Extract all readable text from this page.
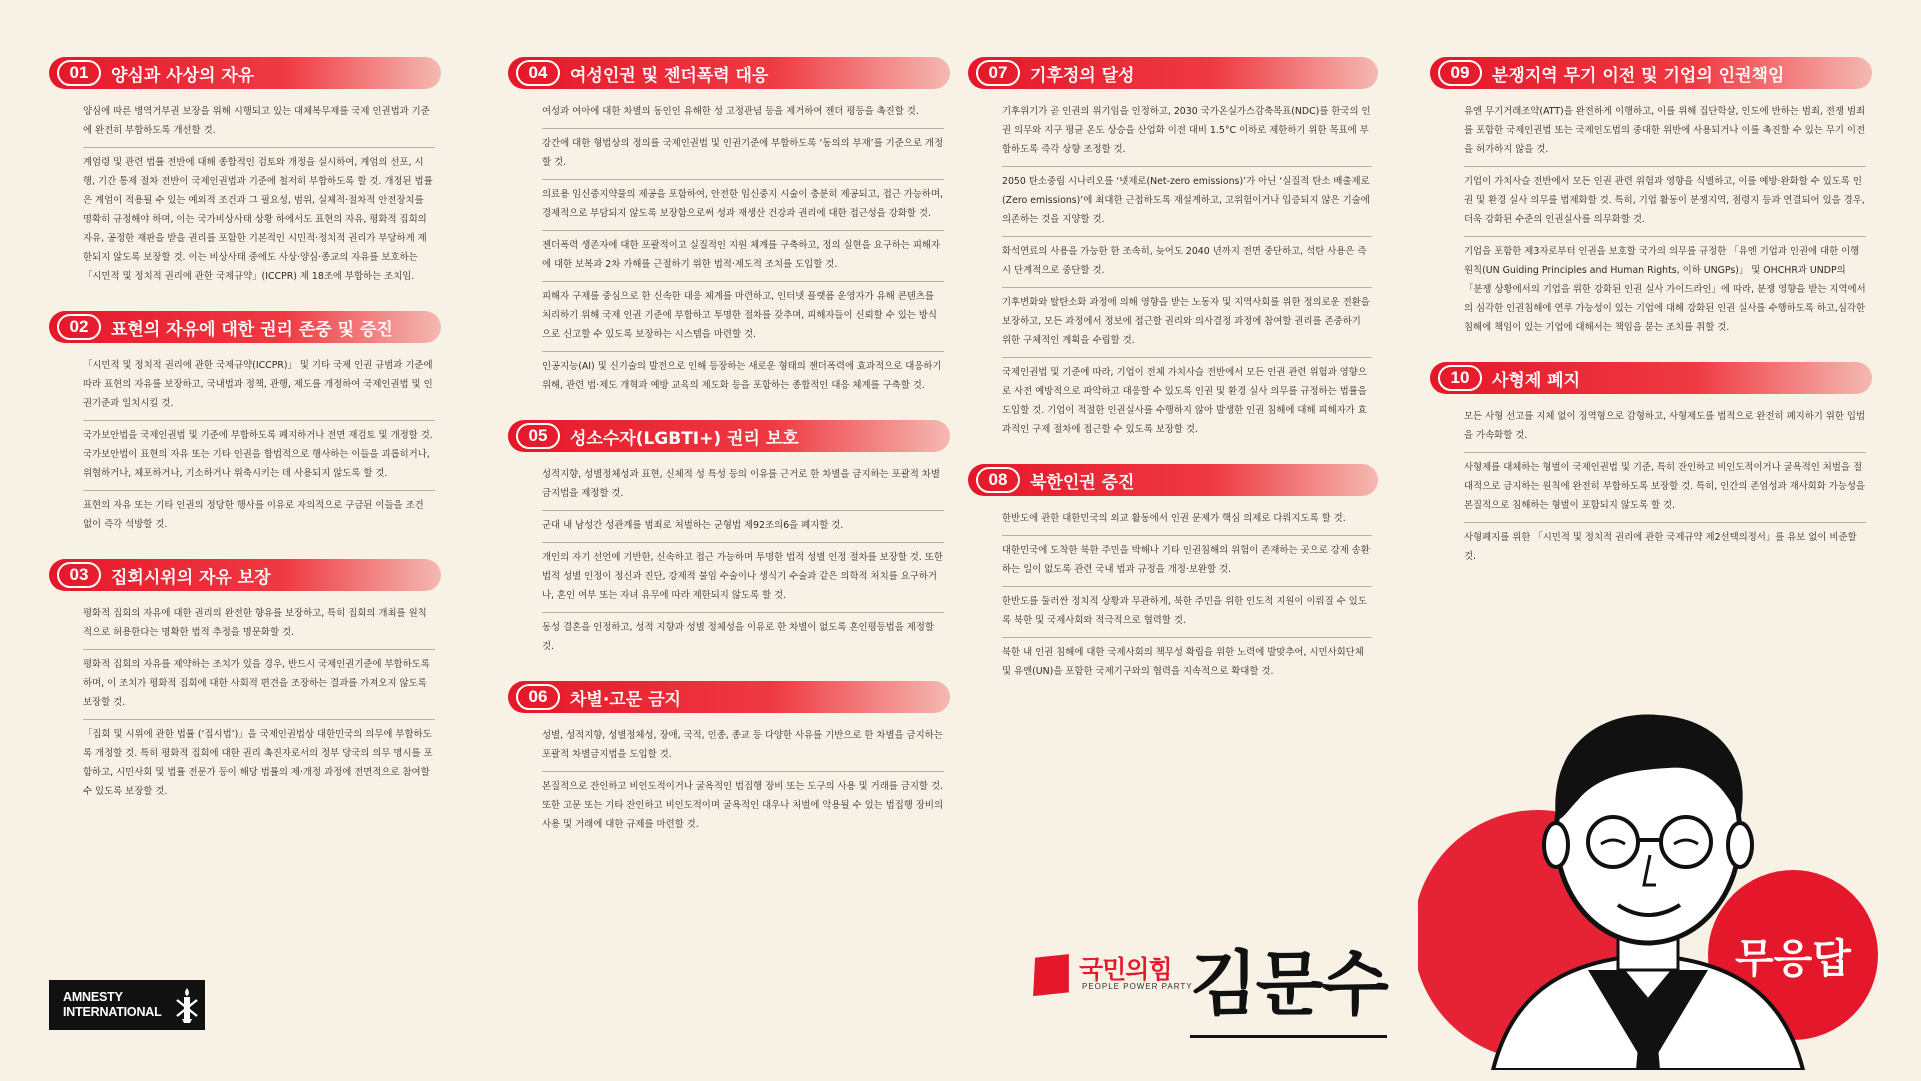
01	양심과 사상의 자유
양심에 따른 병역거부권 보장을 위해 시행되고 있는 대체복무제를 국제 인권법과 기준에 완전히 부합하도록 개선할 것.
계엄령 및 관련 법률 전반에 대해 종합적인 검토와 개정을 실시하여, 계엄의 선포, 시행, 기간 통제 절차 전반이 국제인권법과 기준에 철저히 부합하도록 할 것. 개정된 법률은 계엄이 적용될 수 있는 예외적 조건과 그 필요성, 범위, 실체적·절차적 안전장치를 명확히 규정해야 하며, 이는 국가비상사태 상황 하에서도 표현의 자유, 평화적 집회의 자유, 공정한 재판을 받을 권리를 포함한 기본적인 시민적·정치적 권리가 부당하게 제한되지 않도록 보장할 것. 이는 비상사태 중에도 사상·양심·종교의 자유를 보호하는 「시민적 및 정치적 권리에 관한 국제규약」(ICCPR) 제 18조에 부합하는 조치임.
02	표현의 자유에 대한 권리 존중 및 증진
「시민적 및 정치적 권리에 관한 국제규약(ICCPR)」 및 기타 국제 인권 규범과 기준에 따라 표현의 자유를 보장하고, 국내법과 정책, 관행, 제도를 개정하여 국제인권법 및 인권기준과 일치시킬 것.
국가보안법을 국제인권법 및 기준에 부합하도록 폐지하거나 전면 재검토 및 개정할 것. 국가보안법이 표현의 자유 또는 기타 인권을 합법적으로 행사하는 이들을 괴롭히거나, 위협하거나, 체포하거나, 기소하거나 위축시키는 데 사용되지 않도록 할 것.
표현의 자유 또는 기타 인권의 정당한 행사를 이유로 자의적으로 구금된 이들을 조건 없이 즉각 석방할 것.
03	집회시위의 자유 보장
평화적 집회의 자유에 대한 권리의 완전한 향유를 보장하고, 특히 집회의 개최를 원칙적으로 허용한다는 명확한 법적 추정을 명문화할 것.
평화적 집회의 자유를 제약하는 조치가 있을 경우, 반드시 국제인권기준에 부합하도록 하며, 이 조치가 평화적 집회에 대한 사회적 편견을 조장하는 결과를 가져오지 않도록 보장할 것.
「집회 및 시위에 관한 법률 (‘집시법’)」을 국제인권법상 대한민국의 의무에 부합하도록 개정할 것. 특히 평화적 집회에 대한 권리 촉진자로서의 정부 당국의 의무 명시를 포함하고, 시민사회 및 법률 전문가 등이 해당 법률의 제·개정 과정에 전면적으로 참여할 수 있도록 보장할 것.
04	여성인권 및 젠더폭력 대응
여성과 여아에 대한 차별의 동인인 유해한 성 고정관념 등을 제거하여 젠더 평등을 촉진할 것.
강간에 대한 형법상의 정의를 국제인권법 및 인권기준에 부합하도록 ‘동의의 부재’를 기준으로 개정할 것.
의료용 임신중지약물의 제공을 포함하여, 안전한 임신중지 시술이 충분히 제공되고, 접근 가능하며, 경제적으로 부담되지 않도록 보장함으로써 성과 재생산 건강과 권리에 대한 접근성을 강화할 것.
젠더폭력 생존자에 대한 포괄적이고 실질적인 지원 체계를 구축하고, 정의 실현을 요구하는 피해자에 대한 보복과 2차 가해를 근절하기 위한 법적·제도적 조치를 도입할 것.
피해자 구제를 중심으로 한 신속한 대응 체계를 마련하고, 인터넷 플랫폼 운영자가 유해 콘텐츠를 처리하기 위해 국제 인권 기준에 부합하고 투명한 절차를 갖추며, 피해자들이 신뢰할 수 있는 방식으로 신고할 수 있도록 보장하는 시스템을 마련할 것.
인공지능(AI) 및 신기술의 발전으로 인해 등장하는 새로운 형태의 젠더폭력에 효과적으로 대응하기 위해, 관련 법·제도 개혁과 예방 교육의 제도화 등을 포함하는 종합적인 대응 체계를 구축할 것.
05	성소수자(LGBTI+) 권리 보호
성적지향, 성별정체성과 표현, 신체적 성 특성 등의 이유를 근거로 한 차별을 금지하는 포괄적 차별금지법을 제정할 것.
군대 내 남성간 성관계를 범죄로 처벌하는 군형법 제92조의6을 폐지할 것.
개인의 자기 선언에 기반한, 신속하고 접근 가능하며 투명한 법적 성별 인정 절차를 보장할 것. 또한 법적 성별 인정이 정신과 진단, 강제적 불임 수술이나 생식기 수술과 같은 의학적 처치를 요구하거나, 혼인 여부 또는 자녀 유무에 따라 제한되지 않도록 할 것.
동성 결혼을 인정하고, 성적 지향과 성별 정체성을 이유로 한 차별이 없도록 혼인평등법을 제정할 것.
06	차별·고문 금지
성별, 성적지향, 성별정체성, 장애, 국적, 인종, 종교 등 다양한 사유를 기반으로 한 차별을 금지하는 포괄적 차별금지법을 도입할 것.
본질적으로 잔인하고 비인도적이거나 굴욕적인 법집행 장비 또는 도구의 사용 및 거래를 금지할 것. 또한 고문 또는 기타 잔인하고 비인도적이며 굴욕적인 대우나 처벌에 악용될 수 있는 법집행 장비의 사용 및 거래에 대한 규제를 마련할 것.
07	기후정의 달성
기후위기가 곧 인권의 위기임을 인정하고, 2030 국가온실가스감축목표(NDC)를 한국의 인권 의무와 지구 평균 온도 상승을 산업화 이전 대비 1.5°C 이하로 제한하기 위한 목표에 부합하도록 즉각 상향 조정할 것.
2050 탄소중립 시나리오를 ‘넷제로(Net-zero emissions)’가 아닌 ‘실질적 탄소 배출제로(Zero emissions)’에 최대한 근접하도록 재설계하고, 고위험이거나 입증되지 않은 기술에 의존하는 것을 지양할 것.
화석연료의 사용을 가능한 한 조속히, 늦어도 2040 년까지 전면 중단하고, 석탄 사용은 즉시 단계적으로 중단할 것.
기후변화와 탈탄소화 과정에 의해 영향을 받는 노동자 및 지역사회를 위한 정의로운 전환을 보장하고, 모든 과정에서 정보에 접근할 권리와 의사결정 과정에 참여할 권리를 존중하기 위한 구체적인 계획을 수립할 것.
국제인권법 및 기준에 따라, 기업이 전체 가치사슬 전반에서 모든 인권 관련 위험과 영향으로 사전 예방적으로 파악하고 대응할 수 있도록 인권 및 환경 실사 의무를 규정하는 법률을 도입할 것. 기업이 적절한 인권실사를 수행하지 않아 발생한 인권 침해에 대해 피해자가 효과적인 구제 절차에 접근할 수 있도록 보장할 것.
08	북한인권 증진
한반도에 관한 대한민국의 외교 활동에서 인권 문제가 핵심 의제로 다뤄지도록 할 것.
대한민국에 도착한 북한 주민을 박해나 기타 인권침해의 위험이 존재하는 곳으로 강제 송환하는 일이 없도록 관련 국내 법과 규정을 개정·보완할 것.
한반도를 둘러싼 정치적 상황과 무관하게, 북한 주민을 위한 인도적 지원이 이뤄질 수 있도록 북한 및 국제사회와 적극적으로 협력할 것.
북한 내 인권 침해에 대한 국제사회의 책무성 확립을 위한 노력에 발맞추어, 시민사회단체 및 유엔(UN)을 포함한 국제기구와의 협력을 지속적으로 확대할 것.
09	분쟁지역 무기 이전 및 기업의 인권책임
유엔 무기거래조약(ATT)을 완전하게 이행하고, 이를 위해 집단학살, 인도에 반하는 범죄, 전쟁 범죄를 포함한 국제인권법 또는 국제인도법의 중대한 위반에 사용되거나 이를 촉진할 수 있는 무기 이전을 허가하지 않을 것.
기업이 가치사슬 전반에서 모든 인권 관련 위험과 영향을 식별하고, 이를 예방·완화할 수 있도록 인권 및 환경 실사 의무를 법제화할 것. 특히, 기업 활동이 분쟁지역, 점령지 등과 연결되어 있을 경우, 더욱 강화된 수준의 인권실사를 의무화할 것.
기업을 포함한 제3자로부터 인권을 보호할 국가의 의무를 규정한 「유엔 기업과 인권에 대한 이행 원칙(UN Guiding Principles and Human Rights, 이하 UNGPs)」 및 OHCHR과 UNDP의 「분쟁 상황에서의 기업을 위한 강화된 인권 실사 가이드라인」에 따라, 분쟁 영향을 받는 지역에서의 심각한 인권침해에 연루 가능성이 있는 기업에 대해 강화된 인권 실사를 수행하도록 하고,심각한 침해에 책임이 있는 기업에 대해서는 책임을 묻는 조치를 취할 것.
10	사형제 폐지
모든 사형 선고를 지체 없이 징역형으로 감형하고, 사형제도를 법적으로 완전히 폐지하기 위한 입법을 가속화할 것.
사형제를 대체하는 형벌이 국제인권법 및 기준, 특히 잔인하고 비인도적이거나 굴욕적인 처벌을 절대적으로 금지하는 원칙에 완전히 부합하도록 보장할 것. 특히, 인간의 존엄성과 재사회화 가능성을 본질적으로 침해하는 형벌이 포함되지 않도록 할 것.
사형폐지를 위한 「시민적 및 정치적 권리에 관한 국제규약 제2선택의정서」를 유보 없이 비준할 것.
AMNESTY
INTERNATIONAL
국민의힘
PEOPLE POWER PARTY
김문수	무응답
